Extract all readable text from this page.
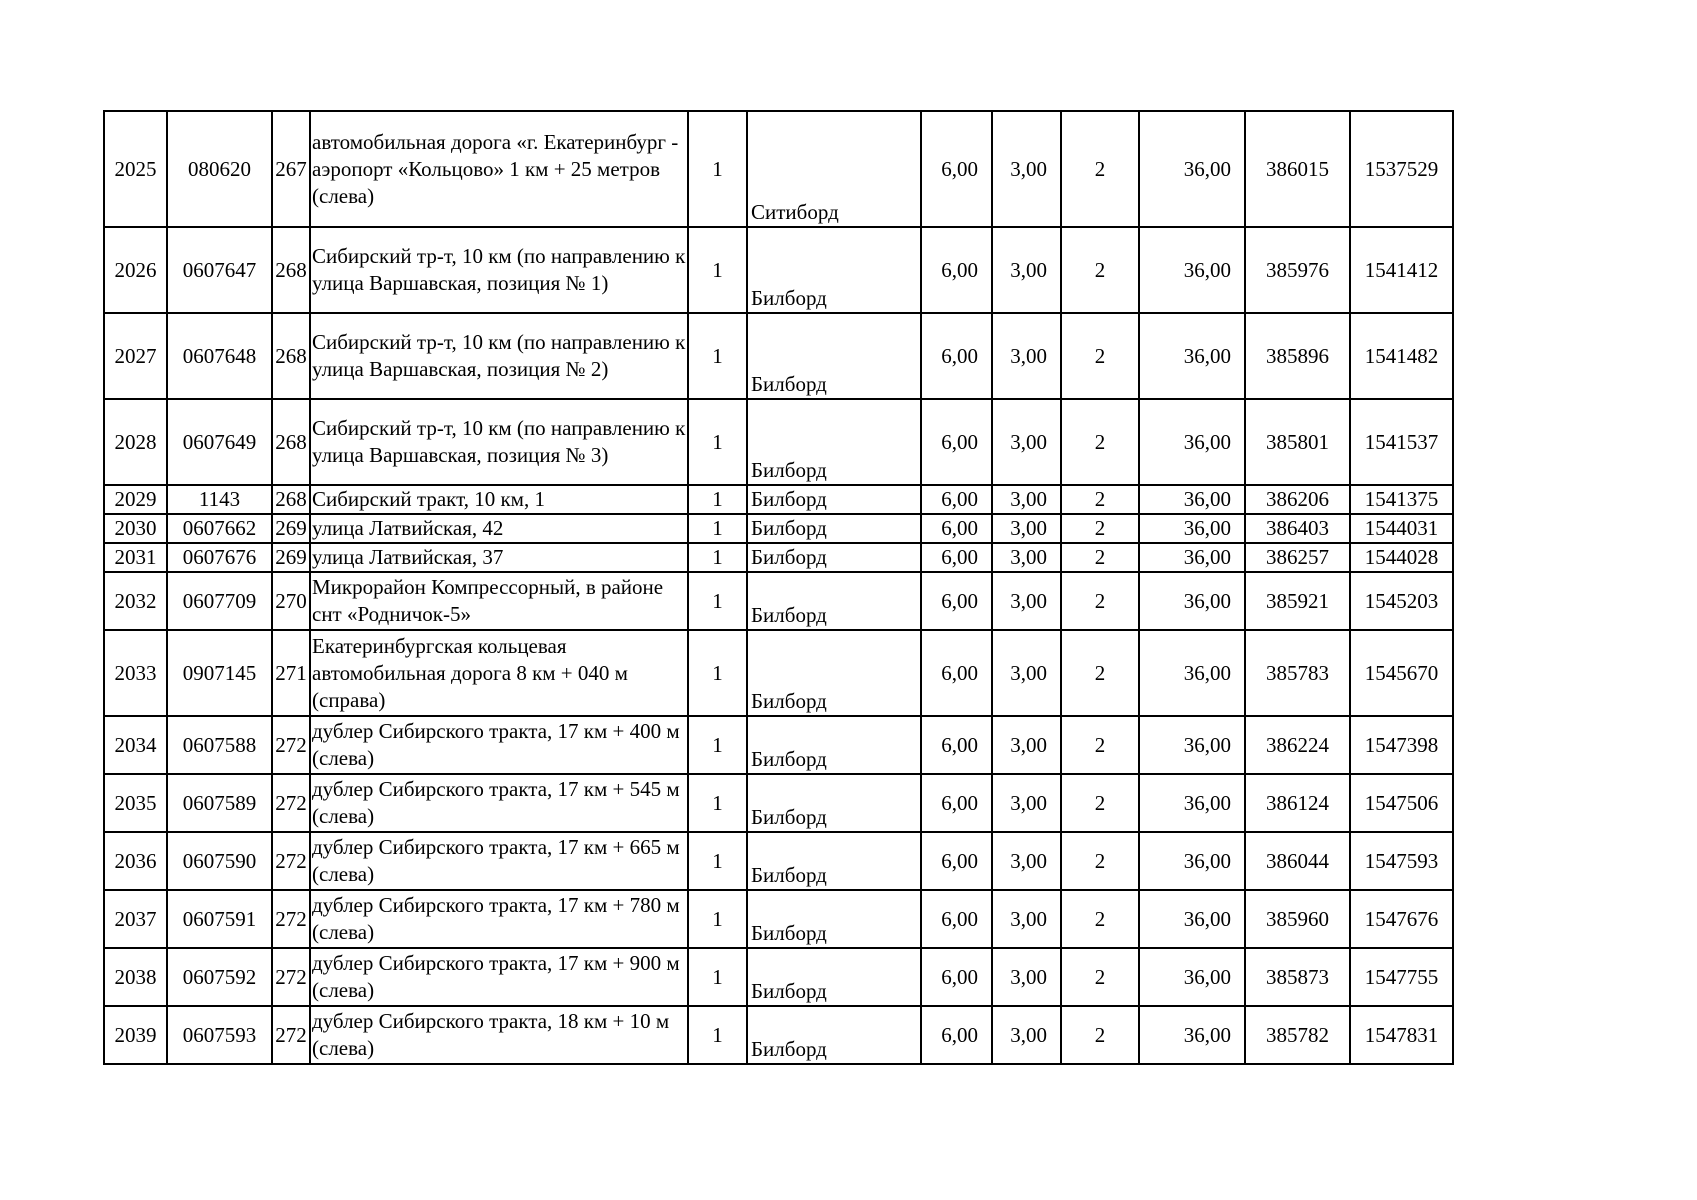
2025	080620	267	автомобильная дорога «г. Екатеринбург - аэропорт «Кольцово» 1 км + 25 метров (слева)	1	Ситиборд	6,00	3,00	2	36,00	386015	1537529
2026	0607647	268	Сибирский тр-т, 10 км (по направлению к улица Варшавская, позиция № 1)	1	Билборд	6,00	3,00	2	36,00	385976	1541412
2027	0607648	268	Сибирский тр-т, 10 км (по направлению к улица Варшавская, позиция № 2)	1	Билборд	6,00	3,00	2	36,00	385896	1541482
2028	0607649	268	Сибирский тр-т, 10 км (по направлению к улица Варшавская, позиция № 3)	1	Билборд	6,00	3,00	2	36,00	385801	1541537
2029	1143	268	Сибирский тракт, 10 км, 1	1	Билборд	6,00	3,00	2	36,00	386206	1541375
2030	0607662	269	улица Латвийская, 42	1	Билборд	6,00	3,00	2	36,00	386403	1544031
2031	0607676	269	улица Латвийская, 37	1	Билборд	6,00	3,00	2	36,00	386257	1544028
2032	0607709	270	Микрорайон Компрессорный, в районе снт «Родничок-5»	1	Билборд	6,00	3,00	2	36,00	385921	1545203
2033	0907145	271	Екатеринбургская кольцевая автомобильная дорога 8 км + 040 м (справа)	1	Билборд	6,00	3,00	2	36,00	385783	1545670
2034	0607588	272	дублер Сибирского тракта, 17 км + 400 м (слева)	1	Билборд	6,00	3,00	2	36,00	386224	1547398
2035	0607589	272	дублер Сибирского тракта, 17 км + 545 м (слева)	1	Билборд	6,00	3,00	2	36,00	386124	1547506
2036	0607590	272	дублер Сибирского тракта, 17 км + 665 м (слева)	1	Билборд	6,00	3,00	2	36,00	386044	1547593
2037	0607591	272	дублер Сибирского тракта, 17 км + 780 м (слева)	1	Билборд	6,00	3,00	2	36,00	385960	1547676
2038	0607592	272	дублер Сибирского тракта, 17 км + 900 м (слева)	1	Билборд	6,00	3,00	2	36,00	385873	1547755
2039	0607593	272	дублер Сибирского тракта, 18 км + 10 м (слева)	1	Билборд	6,00	3,00	2	36,00	385782	1547831
